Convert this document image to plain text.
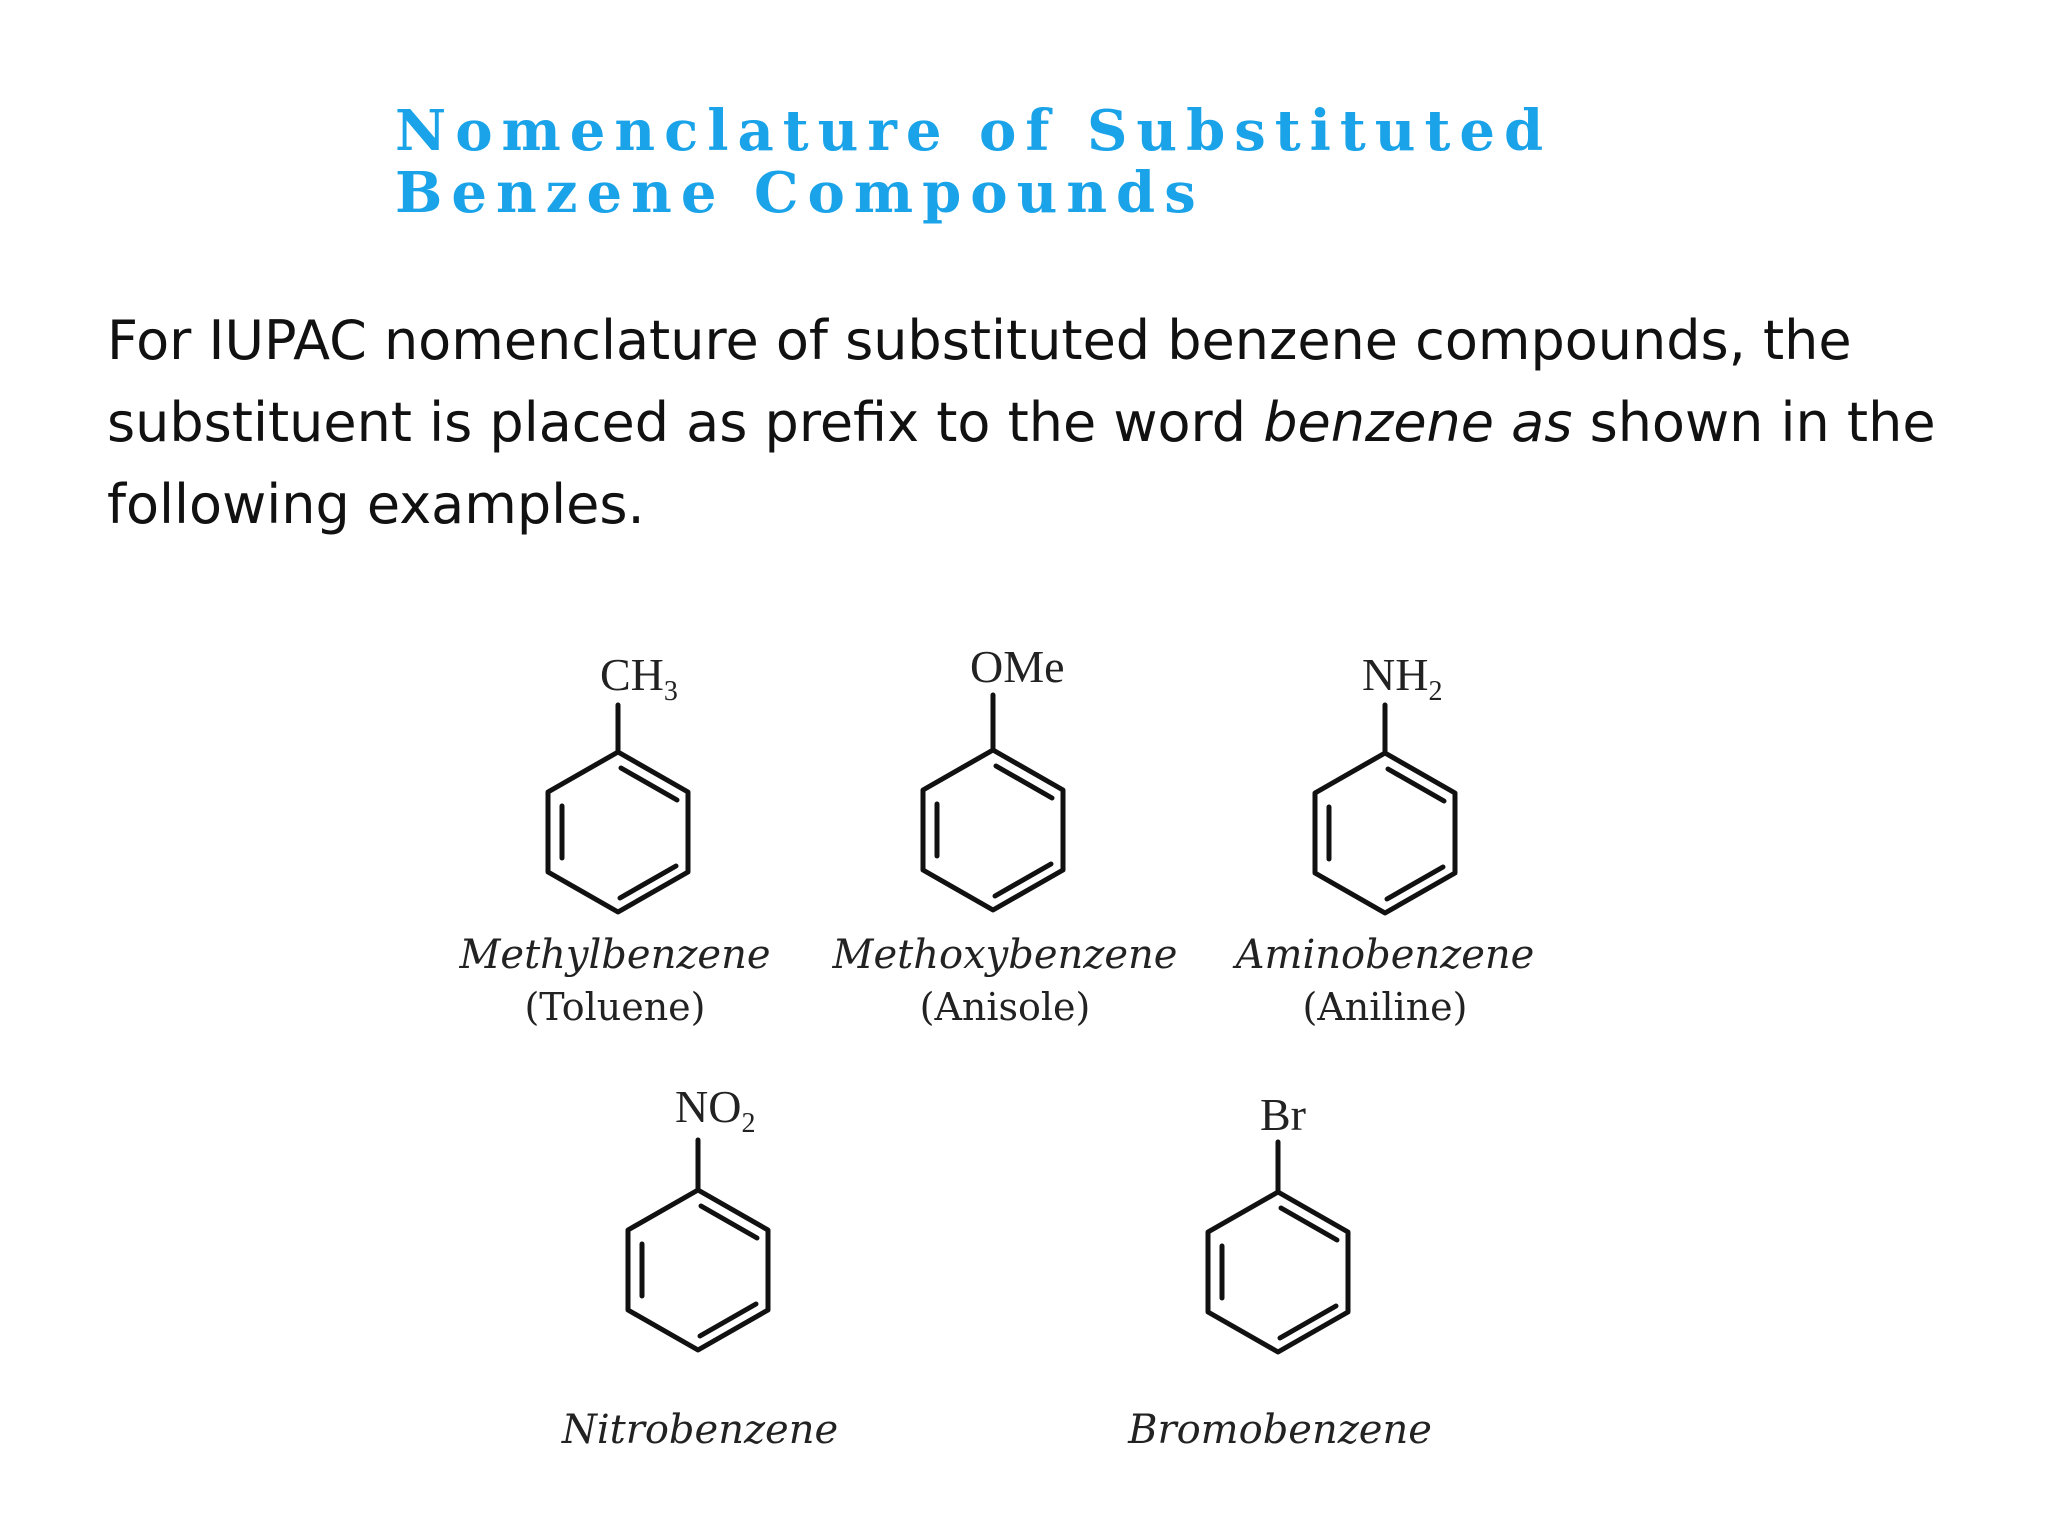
Nomenclature of Substituted
Benzene Compounds

For IUPAC nomenclature of substituted benzene compounds, the substituent is placed as prefix to the word benzene as shown in the following examples.

$CH_3$
Methylbenzene
(Toluene)
OMe
Methoxybenzene
(Anisole)
$NH_2$
Aminobenzene
(Aniline)
$NO_2$
Nitrobenzene
Br
Bromobenzene
